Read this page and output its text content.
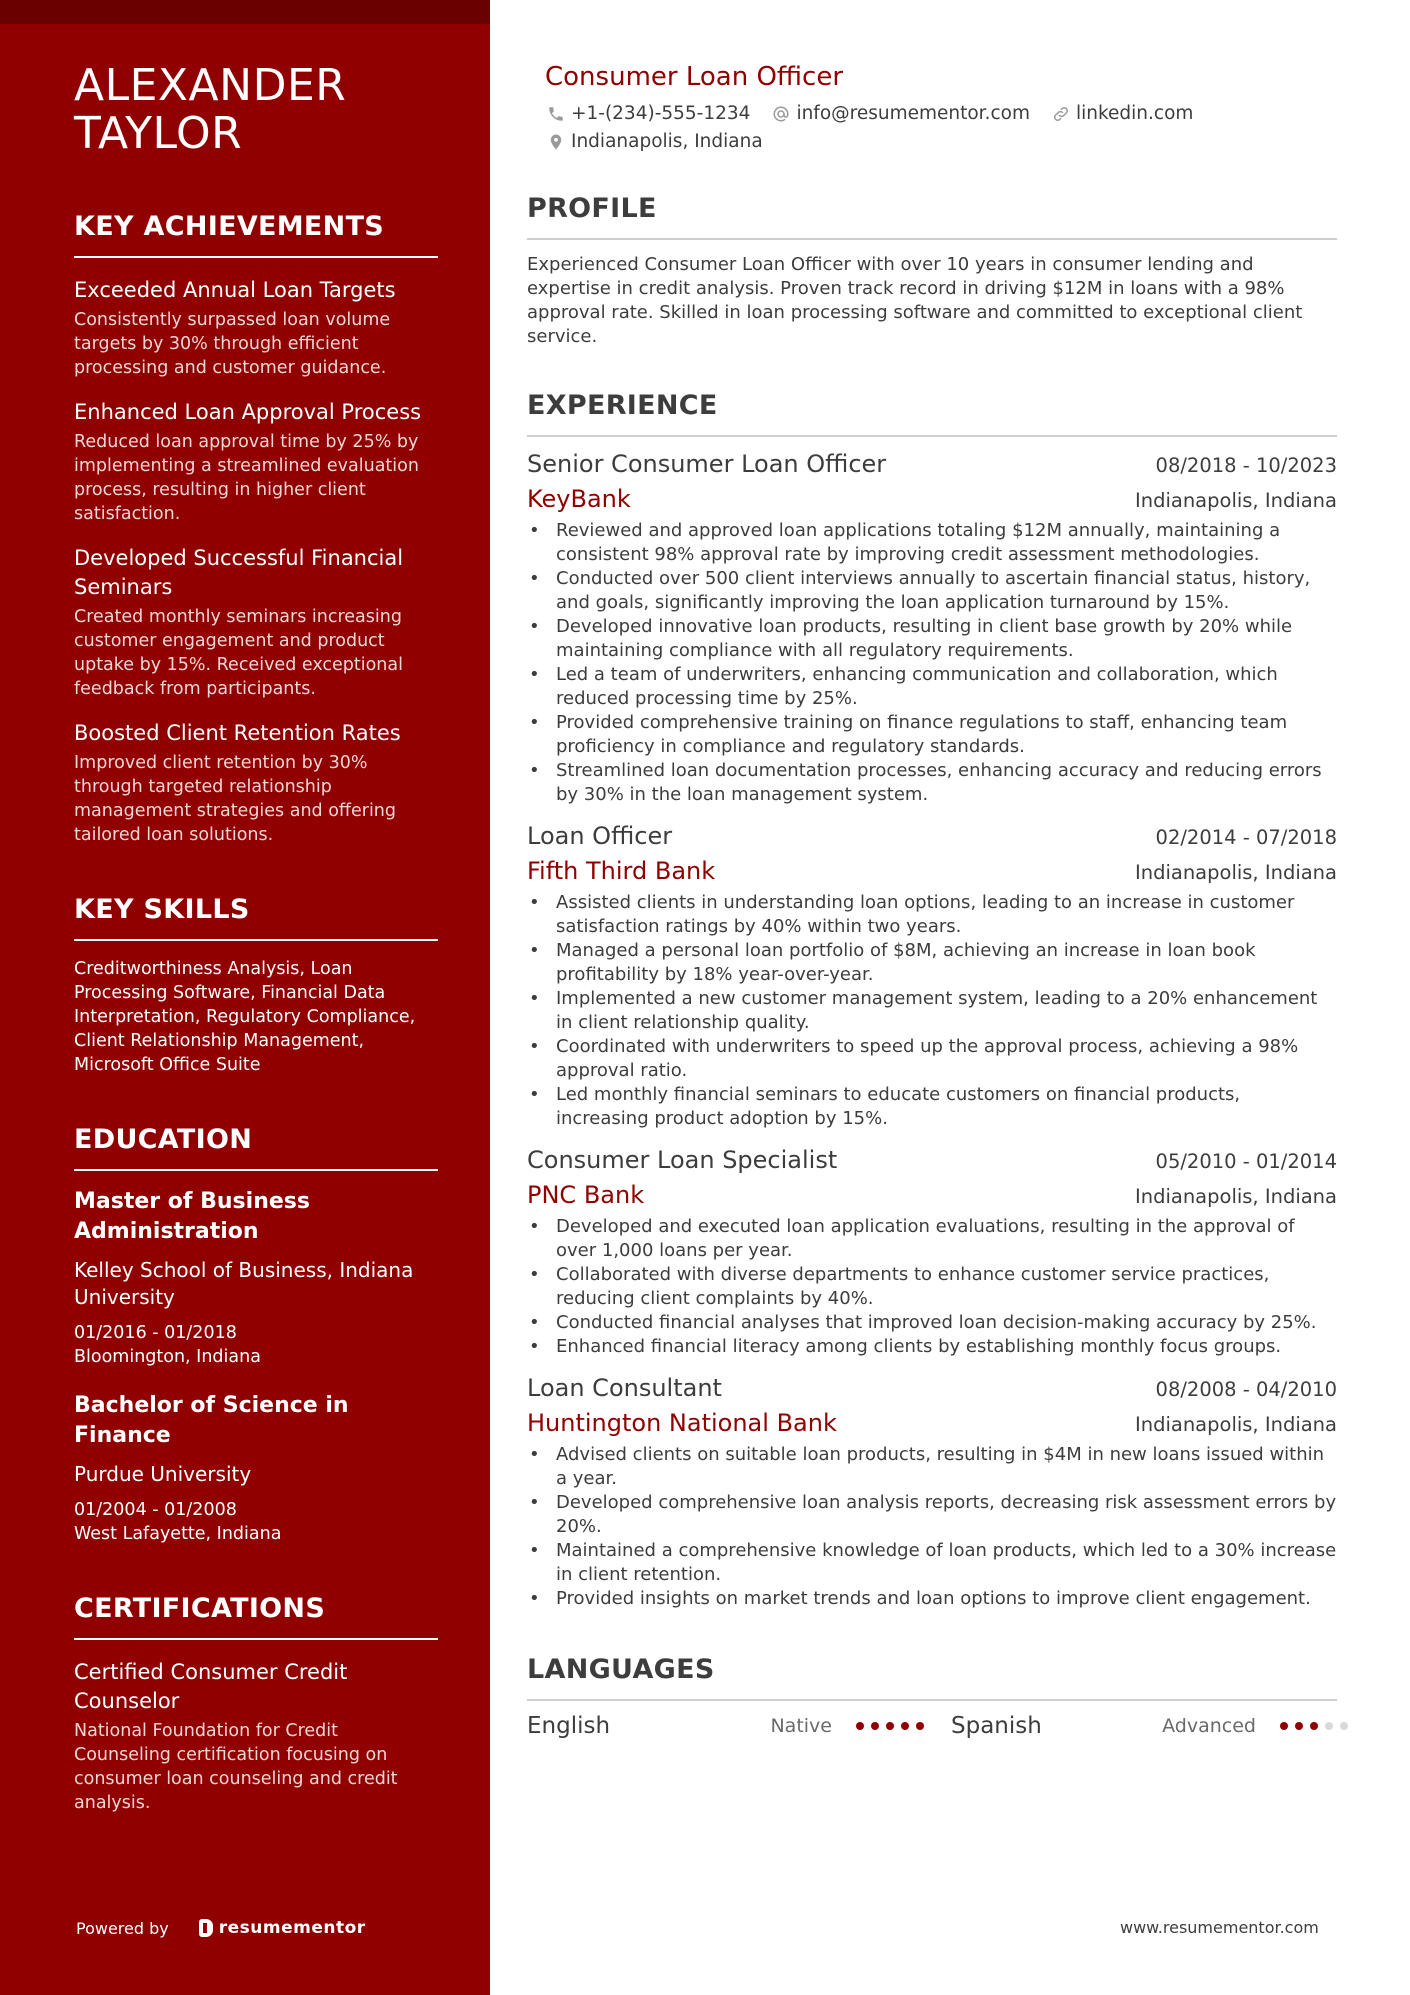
ALEXANDER
TAYLOR
KEY ACHIEVEMENTS
Exceeded Annual Loan Targets
Consistently surpassed loan volume targets by 30% through efficient processing and customer guidance.
Enhanced Loan Approval Process
Reduced loan approval time by 25% by implementing a streamlined evaluation process, resulting in higher client satisfaction.
Developed Successful Financial Seminars
Created monthly seminars increasing customer engagement and product uptake by 15%. Received exceptional feedback from participants.
Boosted Client Retention Rates
Improved client retention by 30% through targeted relationship management strategies and offering tailored loan solutions.
KEY SKILLS
Creditworthiness Analysis, Loan Processing Software, Financial Data Interpretation, Regulatory Compliance, Client Relationship Management, Microsoft Office Suite
EDUCATION
Master of Business Administration
Kelley School of Business, Indiana University
01/2016 - 01/2018
Bloomington, Indiana
Bachelor of Science in Finance
Purdue University
01/2004 - 01/2008
West Lafayette, Indiana
CERTIFICATIONS
Certified Consumer Credit Counselor
National Foundation for Credit Counseling certification focusing on consumer loan counseling and credit analysis.
Powered by	resumementor
Consumer Loan Officer
+1-(234)-555-1234 info@resumementor.com linkedin.com
Indianapolis, Indiana
PROFILE
Experienced Consumer Loan Officer with over 10 years in consumer lending and expertise in credit analysis. Proven track record in driving $12M in loans with a 98% approval rate. Skilled in loan processing software and committed to exceptional client service.
EXPERIENCE
Senior Consumer Loan Officer	08/2018 - 10/2023
KeyBank	Indianapolis, Indiana
• Reviewed and approved loan applications totaling $12M annually, maintaining a consistent 98% approval rate by improving credit assessment methodologies.
• Conducted over 500 client interviews annually to ascertain financial status, history, and goals, significantly improving the loan application turnaround by 15%.
• Developed innovative loan products, resulting in client base growth by 20% while maintaining compliance with all regulatory requirements.
• Led a team of underwriters, enhancing communication and collaboration, which reduced processing time by 25%.
• Provided comprehensive training on finance regulations to staff, enhancing team proficiency in compliance and regulatory standards.
• Streamlined loan documentation processes, enhancing accuracy and reducing errors by 30% in the loan management system.
Loan Officer	02/2014 - 07/2018
Fifth Third Bank	Indianapolis, Indiana
• Assisted clients in understanding loan options, leading to an increase in customer satisfaction ratings by 40% within two years.
• Managed a personal loan portfolio of $8M, achieving an increase in loan book profitability by 18% year-over-year.
• Implemented a new customer management system, leading to a 20% enhancement in client relationship quality.
• Coordinated with underwriters to speed up the approval process, achieving a 98% approval ratio.
• Led monthly financial seminars to educate customers on financial products, increasing product adoption by 15%.
Consumer Loan Specialist	05/2010 - 01/2014
PNC Bank	Indianapolis, Indiana
• Developed and executed loan application evaluations, resulting in the approval of over 1,000 loans per year.
• Collaborated with diverse departments to enhance customer service practices, reducing client complaints by 40%.
• Conducted financial analyses that improved loan decision-making accuracy by 25%.
• Enhanced financial literacy among clients by establishing monthly focus groups.
Loan Consultant	08/2008 - 04/2010
Huntington National Bank	Indianapolis, Indiana
• Advised clients on suitable loan products, resulting in $4M in new loans issued within a year.
• Developed comprehensive loan analysis reports, decreasing risk assessment errors by 20%.
• Maintained a comprehensive knowledge of loan products, which led to a 30% increase in client retention.
• Provided insights on market trends and loan options to improve client engagement.
LANGUAGES
English	Native	Spanish	Advanced
www.resumementor.com
